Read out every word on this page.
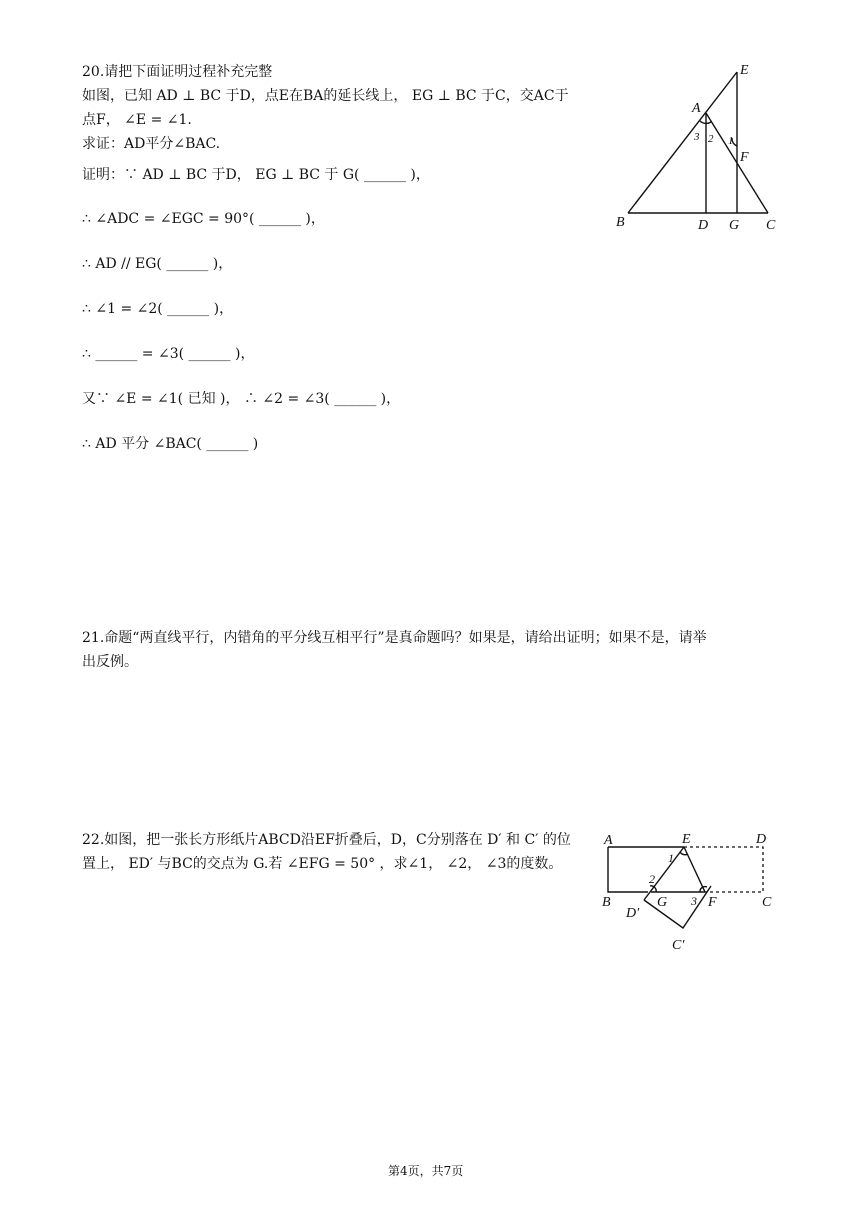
20.请把下面证明过程补充完整
如图，已知 AD ⊥ BC 于D，点E在BA的延长线上， EG ⊥ BC 于C，交AC于
点F， ∠E = ∠1.
求证：AD平分∠BAC.
证明：∵ AD ⊥ BC 于D， EG ⊥ BC 于 G( ______ )，
∴ ∠ADC = ∠EGC = 90°( ______ )，
∴ AD // EG( ______ )，
∴ ∠1 = ∠2( ______ )，
∴ ______ = ∠3( ______ )，
又∵ ∠E = ∠1( 已知 )， ∴ ∠2 = ∠3( ______ )，
∴ AD 平分 ∠BAC( ______ )
A
B	C
D
E
F
G
3 2 1
21.命题“两直线平行，内错角的平分线互相平行”是真命题吗？如果是，请给出证明；如果不是，请举
出反例。
22.如图，把一张长方形纸片ABCD沿EF折叠后，D，C分别落在 D′ 和 C′ 的位
置上， ED′ 与BC的交点为 G.若 ∠EFG = 50° ，求∠1， ∠2， ∠3的度数。
A
B	C
D
E
F
G
D′
C′
1
2
3
第4页，共7页
